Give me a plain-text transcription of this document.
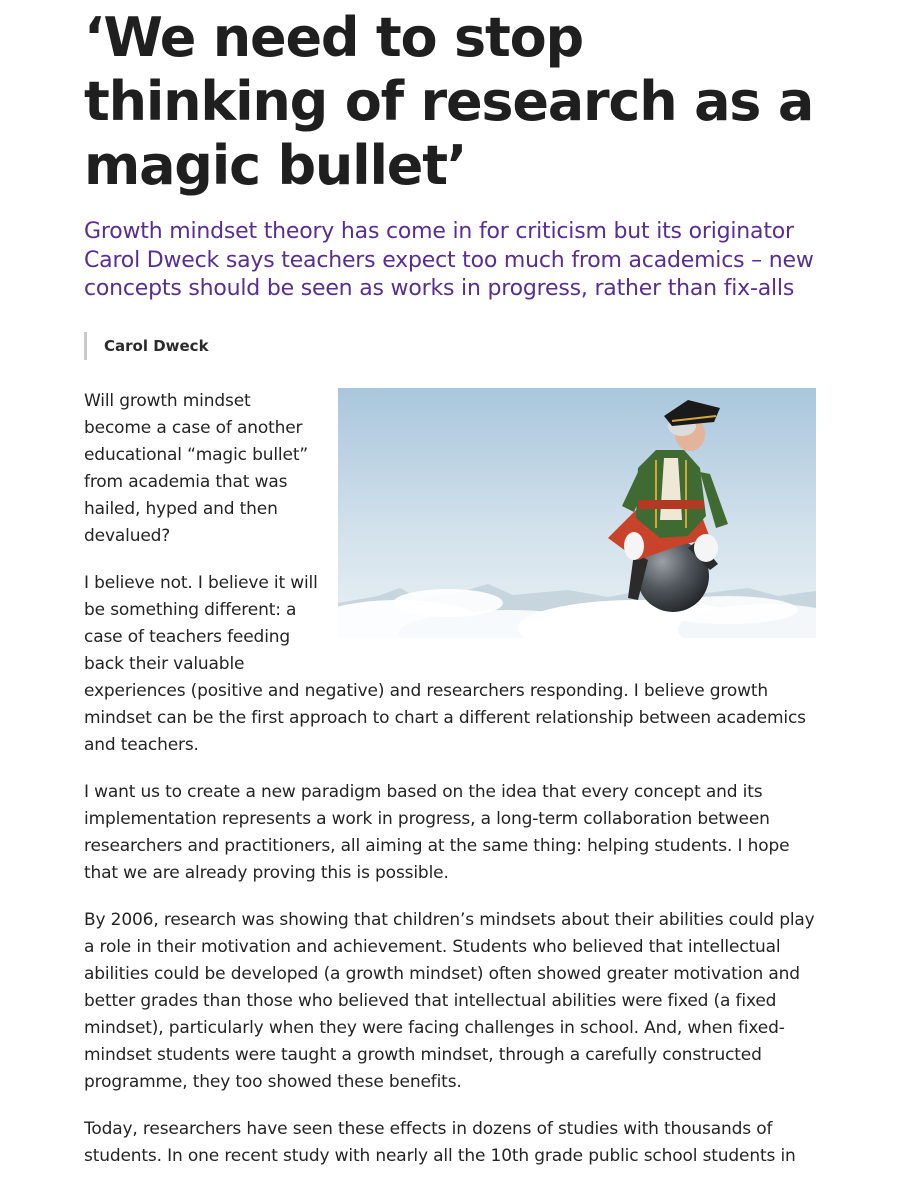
‘We need to stop thinking of research as a magic bullet’

Growth mindset theory has come in for criticism but its originator Carol Dweck says teachers expect too much from academics – new concepts should be seen as works in progress, rather than fix-alls

Carol Dweck

Will growth mindset become a case of another educational “magic bullet” from academia that was hailed, hyped and then devalued?

I believe not. I believe it will be something different: a case of teachers feeding back their valuable experiences (positive and negative) and researchers responding. I believe growth mindset can be the first approach to chart a different relationship between academics and teachers.

I want us to create a new paradigm based on the idea that every concept and its implementation represents a work in progress, a long-term collaboration between researchers and practitioners, all aiming at the same thing: helping students. I hope that we are already proving this is possible.

By 2006, research was showing that children’s mindsets about their abilities could play a role in their motivation and achievement. Students who believed that intellectual abilities could be developed (a growth mindset) often showed greater motivation and better grades than those who believed that intellectual abilities were fixed (a fixed mindset), particularly when they were facing challenges in school. And, when fixed-mindset students were taught a growth mindset, through a carefully constructed programme, they too showed these benefits.

Today, researchers have seen these effects in dozens of studies with thousands of students. In one recent study with nearly all the 10th grade public school students in
